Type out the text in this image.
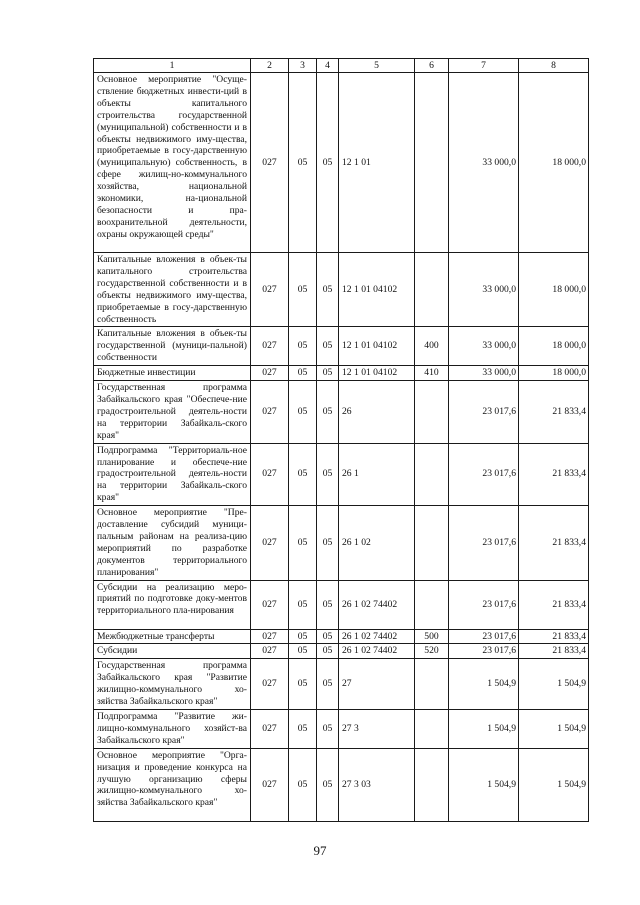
1	2	3	4	5	6	7	8
Основное мероприятие "Осуще-ствление бюджетных инвести-ций в объекты капитального строительства государственной (муниципальной) собственности и в объекты недвижимого иму-щества, приобретаемые в госу-дарственную (муниципальную) собственность, в сфере жилищ-но-коммунального хозяйства, национальной экономики, на-циональной безопасности и пра-воохранительной деятельности, охраны окружающей среды"	027	05	05	12 1 01		33 000,0	18 000,0
Капитальные вложения в объек-ты капитального строительства государственной собственности и в объекты недвижимого иму-щества, приобретаемые в госу-дарственную собственность	027	05	05	12 1 01 04102		33 000,0	18 000,0
Капитальные вложения в объек-ты государственной (муници-пальной) собственности	027	05	05	12 1 01 04102	400	33 000,0	18 000,0
Бюджетные инвестиции	027	05	05	12 1 01 04102	410	33 000,0	18 000,0
Государственная программа Забайкальского края "Обеспече-ние градостроительной деятель-ности на территории Забайкаль-ского края"	027	05	05	26		23 017,6	21 833,4
Подпрограмма "Территориаль-ное планирование и обеспече-ние градостроительной деятель-ности на территории Забайкаль-ского края"	027	05	05	26 1		23 017,6	21 833,4
Основное мероприятие "Пре-доставление субсидий муници-пальным районам на реализа-цию мероприятий по разработке документов территориального планирования"	027	05	05	26 1 02		23 017,6	21 833,4
Субсидии на реализацию меро-приятий по подготовке доку-ментов территориального пла-нирования	027	05	05	26 1 02 74402		23 017,6	21 833,4
Межбюджетные трансферты	027	05	05	26 1 02 74402	500	23 017,6	21 833,4
Субсидии	027	05	05	26 1 02 74402	520	23 017,6	21 833,4
Государственная программа Забайкальского края "Развитие жилищно-коммунального хо-зяйства Забайкальского края"	027	05	05	27		1 504,9	1 504,9
Подпрограмма "Развитие жи-лищно-коммунального хозяйст-ва Забайкальского края"	027	05	05	27 3		1 504,9	1 504,9
Основное мероприятие "Орга-низация и проведение конкурса на лучшую организацию сферы жилищно-коммунального хо-зяйства Забайкальского края"	027	05	05	27 3 03		1 504,9	1 504,9
97
